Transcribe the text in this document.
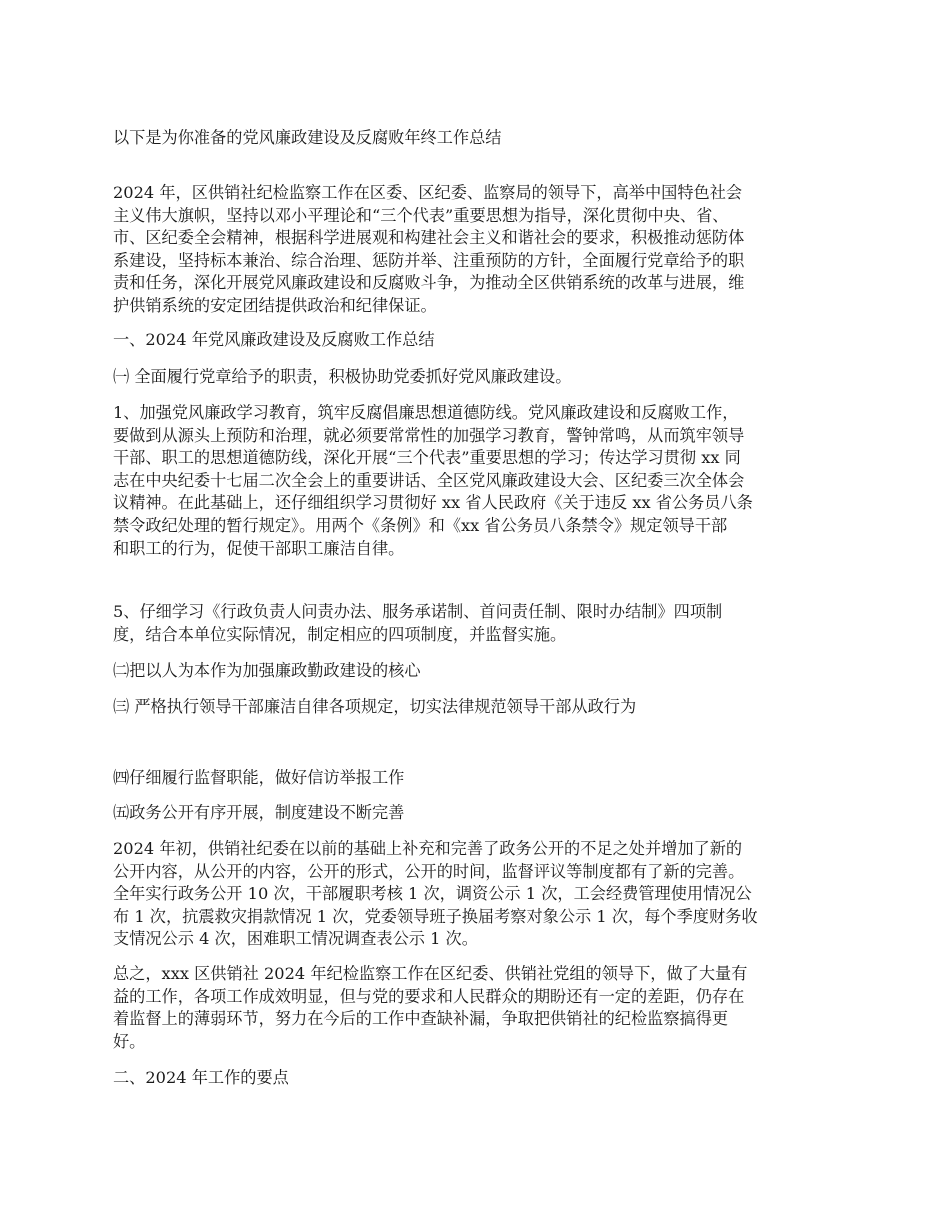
以下是为你准备的党风廉政建设及反腐败年终工作总结

2024 年，区供销社纪检监察工作在区委、区纪委、监察局的领导下，高举中国特色社会

主义伟大旗帜，坚持以邓小平理论和“三个代表”重要思想为指导，深化贯彻中央、省、

市、区纪委全会精神，根据科学进展观和构建社会主义和谐社会的要求，积极推动惩防体

系建设，坚持标本兼治、综合治理、惩防并举、注重预防的方针，全面履行党章给予的职

责和任务，深化开展党风廉政建设和反腐败斗争，为推动全区供销系统的改革与进展，维

护供销系统的安定团结提供政治和纪律保证。

一、2024 年党风廉政建设及反腐败工作总结

㈠ 全面履行党章给予的职责，积极协助党委抓好党风廉政建设。

1、加强党风廉政学习教育，筑牢反腐倡廉思想道德防线。党风廉政建设和反腐败工作，

要做到从源头上预防和治理，就必须要常常性的加强学习教育，警钟常鸣，从而筑牢领导

干部、职工的思想道德防线，深化开展“三个代表”重要思想的学习；传达学习贯彻 xx 同

志在中央纪委十七届二次全会上的重要讲话、全区党风廉政建设大会、区纪委三次全体会

议精神。在此基础上，还仔细组织学习贯彻好 xx 省人民政府《关于违反 xx 省公务员八条

禁令政纪处理的暂行规定》。用两个《条例》和《xx 省公务员八条禁令》规定领导干部

和职工的行为，促使干部职工廉洁自律。

5、仔细学习《行政负责人问责办法、服务承诺制、首问责任制、限时办结制》四项制

度，结合本单位实际情况，制定相应的四项制度，并监督实施。

㈡把以人为本作为加强廉政勤政建设的核心

㈢ 严格执行领导干部廉洁自律各项规定，切实法律规范领导干部从政行为

㈣仔细履行监督职能，做好信访举报工作

㈤政务公开有序开展，制度建设不断完善

2024 年初，供销社纪委在以前的基础上补充和完善了政务公开的不足之处并增加了新的

公开内容，从公开的内容，公开的形式，公开的时间，监督评议等制度都有了新的完善。

全年实行政务公开 10 次，干部履职考核 1 次，调资公示 1 次，工会经费管理使用情况公

布 1 次，抗震救灾捐款情况 1 次，党委领导班子换届考察对象公示 1 次，每个季度财务收

支情况公示 4 次，困难职工情况调查表公示 1 次。

总之，xxx 区供销社 2024 年纪检监察工作在区纪委、供销社党组的领导下，做了大量有

益的工作，各项工作成效明显，但与党的要求和人民群众的期盼还有一定的差距，仍存在

着监督上的薄弱环节，努力在今后的工作中查缺补漏，争取把供销社的纪检监察搞得更

好。

二、2024 年工作的要点
